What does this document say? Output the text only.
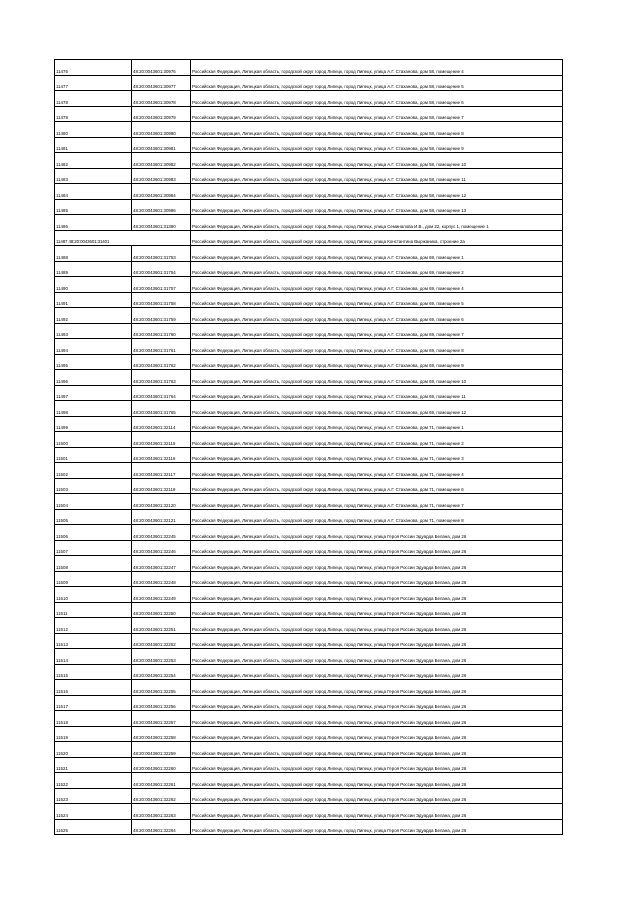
11476	48:20:0043601:30976	Российская Федерация, Липецкая область, городской округ город Липецк, город Липецк, улица А.Г. Стаханова, дом 58, помещение 4
11477	48:20:0043601:30977	Российская Федерация, Липецкая область, городской округ город Липецк, город Липецк, улица А.Г. Стаханова, дом 58, помещение 5
11478	48:20:0043601:30978	Российская Федерация, Липецкая область, городской округ город Липецк, город Липецк, улица А.Г. Стаханова, дом 58, помещение 6
11479	48:20:0043601:30979	Российская Федерация, Липецкая область, городской округ город Липецк, город Липецк, улица А.Г. Стаханова, дом 58, помещение 7
11480	48:20:0043601:30980	Российская Федерация, Липецкая область, городской округ город Липецк, город Липецк, улица А.Г. Стаханова, дом 58, помещение 8
11481	48:20:0043601:30981	Российская Федерация, Липецкая область, городской округ город Липецк, город Липецк, улица А.Г. Стаханова, дом 58, помещение 9
11482	48:20:0043601:30982	Российская Федерация, Липецкая область, городской округ город Липецк, город Липецк, улица А.Г. Стаханова, дом 58, помещение 10
11483	48:20:0043601:30983	Российская Федерация, Липецкая область, городской округ город Липецк, город Липецк, улица А.Г. Стаханова, дом 58, помещение 11
11484	48:20:0043601:30984	Российская Федерация, Липецкая область, городской округ город Липецк, город Липецк, улица А.Г. Стаханова, дом 58, помещение 12
11485	48:20:0043601:30986	Российская Федерация, Липецкая область, городской округ город Липецк, город Липецк, улица А.Г. Стаханова, дом 58, помещение 13
11486	48:20:0043601:31390	Российская Федерация, Липецкая область, городской округ город Липецк, город Липецк, улица Семиналова И.В., дом 22, корпус 1, помещение 1
11487 48:20:0043601:31401		Российская Федерация, Липецкая область, городской округ город Липецк, город Липецк, улица Константина Выржаника, строение 2а
11488	48:20:0043601:31753	Российская Федерация, Липецкая область, городской округ город Липецк, город Липецк, улица А.Г. Стаханова, дом 69, помещение 1
11489	48:20:0043601:31754	Российская Федерация, Липецкая область, городской округ город Липецк, город Липецк, улица А.Г. Стаханова, дом 69, помещение 2
11490	48:20:0043601:31757	Российская Федерация, Липецкая область, городской округ город Липецк, город Липецк, улица А.Г. Стаханова, дом 69, помещение 4
11491	48:20:0043601:31758	Российская Федерация, Липецкая область, городской округ город Липецк, город Липецк, улица А.Г. Стаханова, дом 69, помещение 5
11492	48:20:0043601:31759	Российская Федерация, Липецкая область, городской округ город Липецк, город Липецк, улица А.Г. Стаханова, дом 69, помещение 6
11493	48:20:0043601:31760	Российская Федерация, Липецкая область, городской округ город Липецк, город Липецк, улица А.Г. Стаханова, дом 69, помещение 7
11494	48:20:0043601:31761	Российская Федерация, Липецкая область, городской округ город Липецк, город Липецк, улица А.Г. Стаханова, дом 69, помещение 8
11495	48:20:0043601:31762	Российская Федерация, Липецкая область, городской округ город Липецк, город Липецк, улица А.Г. Стаханова, дом 69, помещение 9
11496	48:20:0043601:31763	Российская Федерация, Липецкая область, городской округ город Липецк, город Липецк, улица А.Г. Стаханова, дом 69, помещение 10
11497	48:20:0043601:31764	Российская Федерация, Липецкая область, городской округ город Липецк, город Липецк, улица А.Г. Стаханова, дом 69, помещение 11
11498	48:20:0043601:31765	Российская Федерация, Липецкая область, городской округ город Липецк, город Липецк, улица А.Г. Стаханова, дом 69, помещение 12
11499	48:20:0043601:32114	Российская Федерация, Липецкая область, городской округ город Липецк, город Липецк, улица А.Г. Стаханова, дом 71, помещение 1
11500	48:20:0043601:32115	Российская Федерация, Липецкая область, городской округ город Липецк, город Липецк, улица А.Г. Стаханова, дом 71, помещение 2
11501	48:20:0043601:32116	Российская Федерация, Липецкая область, городской округ город Липецк, город Липецк, улица А.Г. Стаханова, дом 71, помещение 3
11502	48:20:0043601:32117	Российская Федерация, Липецкая область, городской округ город Липецк, город Липецк, улица А.Г. Стаханова, дом 71, помещение 4
11503	48:20:0043601:32118	Российская Федерация, Липецкая область, городской округ город Липецк, город Липецк, улица А.Г. Стаханова, дом 71, помещение 6
11504	48:20:0043601:32120	Российская Федерация, Липецкая область, городской округ город Липецк, город Липецк, улица А.Г. Стаханова, дом 71, помещение 7
11505	48:20:0043601:32121	Российская Федерация, Липецкая область, городской округ город Липецк, город Липецк, улица А.Г. Стаханова, дом 71, помещение 8
11506	48:20:0043601:32245	Российская Федерация, Липецкая область, городской округ город Липецк, город Липецк, улица Героя России Эдуарда Белана, дом 26
11507	48:20:0043601:32246	Российская Федерация, Липецкая область, городской округ город Липецк, город Липецк, улица Героя России Эдуарда Белана, дом 26
11508	48:20:0043601:32247	Российская Федерация, Липецкая область, городской округ город Липецк, город Липецк, улица Героя России Эдуарда Белана, дом 26
11509	48:20:0043601:32248	Российская Федерация, Липецкая область, городской округ город Липецк, город Липецк, улица Героя России Эдуарда Белана, дом 26
11510	48:20:0043601:32249	Российская Федерация, Липецкая область, городской округ город Липецк, город Липецк, улица Героя России Эдуарда Белана, дом 26
11511	48:20:0043601:32250	Российская Федерация, Липецкая область, городской округ город Липецк, город Липецк, улица Героя России Эдуарда Белана, дом 26
11512	48:20:0043601:32251	Российская Федерация, Липецкая область, городской округ город Липецк, город Липецк, улица Героя России Эдуарда Белана, дом 26
11513	48:20:0043601:32252	Российская Федерация, Липецкая область, городской округ город Липецк, город Липецк, улица Героя России Эдуарда Белана, дом 26
11514	48:20:0043601:32253	Российская Федерация, Липецкая область, городской округ город Липецк, город Липецк, улица Героя России Эдуарда Белана, дом 26
11515	48:20:0043601:32254	Российская Федерация, Липецкая область, городской округ город Липецк, город Липецк, улица Героя России Эдуарда Белана, дом 26
11516	48:20:0043601:32255	Российская Федерация, Липецкая область, городской округ город Липецк, город Липецк, улица Героя России Эдуарда Белана, дом 26
11517	48:20:0043601:32256	Российская Федерация, Липецкая область, городской округ город Липецк, город Липецк, улица Героя России Эдуарда Белана, дом 26
11518	48:20:0043601:32257	Российская Федерация, Липецкая область, городской округ город Липецк, город Липецк, улица Героя России Эдуарда Белана, дом 26
11519	48:20:0043601:32258	Российская Федерация, Липецкая область, городской округ город Липецк, город Липецк, улица Героя России Эдуарда Белана, дом 26
11520	48:20:0043601:32259	Российская Федерация, Липецкая область, городской округ город Липецк, город Липецк, улица Героя России Эдуарда Белана, дом 26
11521	48:20:0043601:32260	Российская Федерация, Липецкая область, городской округ город Липецк, город Липецк, улица Героя России Эдуарда Белана, дом 26
11522	48:20:0043601:32261	Российская Федерация, Липецкая область, городской округ город Липецк, город Липецк, улица Героя России Эдуарда Белана, дом 26
11523	48:20:0043601:32262	Российская Федерация, Липецкая область, городской округ город Липецк, город Липецк, улица Героя России Эдуарда Белана, дом 26
11524	48:20:0043601:32263	Российская Федерация, Липецкая область, городской округ город Липецк, город Липецк, улица Героя России Эдуарда Белана, дом 26
11525	48:20:0043601:32264	Российская Федерация, Липецкая область, городской округ город Липецк, город Липецк, улица Героя России Эдуарда Белана, дом 26
